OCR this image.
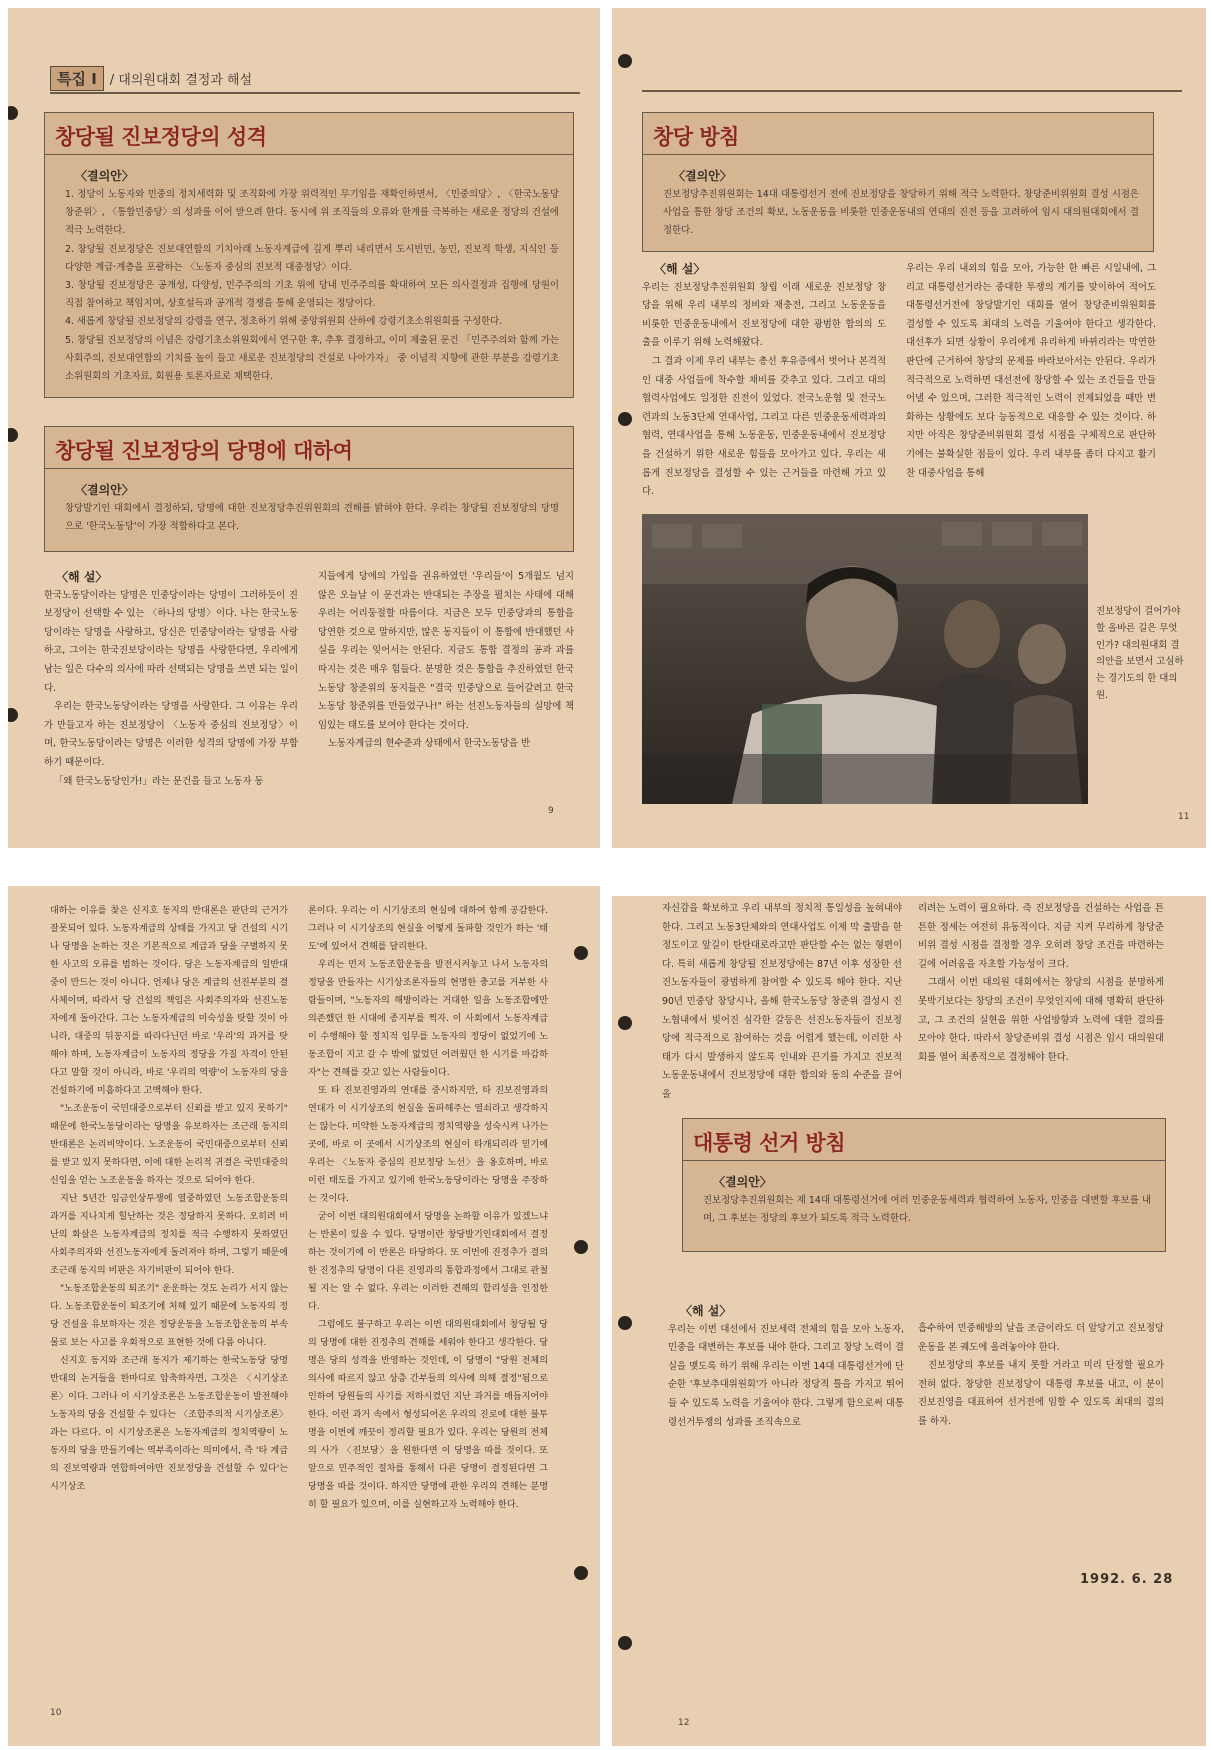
특집 Ⅰ	/ 대의원대회 결정과 해설
창당될 진보정당의 성격
〈결의안〉

1. 정당이 노동자와 민중의 정치세력화 및 조직화에 가장 위력적인 무기임을 재확인하면서, 〈민중의당〉, 〈한국노동당창준위〉, 〈통합민중당〉의 성과를 이어 받으려 한다. 동시에 위 조직들의 오류와 한계를 극복하는 새로운 정당의 건설에 적극 노력한다.

2. 창당될 진보정당은 진보대연합의 기치아래 노동자계급에 깊게 뿌리 내리면서 도시빈민, 농민, 진보적 학생, 지식인 등 다양한 계급·계층을 포괄하는 〈노동자 중심의 진보적 대중정당〉이다.

3. 창당될 진보정당은 공개성, 다양성, 민주주의의 기초 위에 당내 민주주의를 확대하여 모든 의사결정과 집행에 당원이 직접 참여하고 책임지며, 상호설득과 공개적 경쟁을 통해 운영되는 정당이다.

4. 새롭게 창당될 진보정당의 강령을 연구, 정초하기 위해 중앙위원회 산하에 강령기초소위원회를 구성한다.

5. 창당될 진보정당의 이념은 강령기초소위원회에서 연구한 후, 추후 결정하고, 이미 제출된 문건 「민주주의와 함께 가는 사회주의, 진보대연합의 기치를 높이 들고 새로운 진보정당의 건설로 나아가자」 중 이념적 지향에 관한 부분을 강령기초소위원회의 기초자료, 회원용 토론자료로 채택한다.

창당될 진보정당의 당명에 대하여
〈결의안〉

창당발기인 대회에서 결정하되, 당명에 대한 진보정당추진위원회의 견해를 밝혀야 한다. 우리는 창당될 진보정당의 당명으로 '한국노동당'이 가장 적합하다고 본다.

〈해 설〉

한국노동당이라는 당명은 민중당이라는 당명이 그러하듯이 진보정당이 선택할 수 있는 〈하나의 당명〉이다. 나는 한국노동당이라는 당명을 사랑하고, 당신은 민중당이라는 당명을 사랑하고, 그이는 한국진보당이라는 당명을 사랑한다면, 우리에게 남는 일은 다수의 의사에 따라 선택되는 당명을 쓰면 되는 일이다.

우리는 한국노동당이라는 당명을 사랑한다. 그 이유는 우리가 만들고자 하는 진보정당이 〈노동자 중심의 진보정당〉이며, 한국노동당이라는 당명은 이러한 성격의 당명에 가장 부합하기 때문이다.

「왜 한국노동당인가!」라는 문건을 들고 노동자 동

지들에게 당에의 가입을 권유하였던 '우리들'이 5개월도 넘지 않은 오늘날 이 문건과는 반대되는 주장을 펼치는 사태에 대해 우리는 어리둥절할 따름이다. 지금은 모두 민중당과의 통합을 당연한 것으로 말하지만, 많은 동지들이 이 통합에 반대했던 사실을 우리는 잊어서는 안된다. 지금도 통합 결정의 공과 과를 따지는 것은 매우 힘들다. 분명한 것은 통합을 추진하였던 한국노동당 창준위의 동지들은 "결국 민중당으로 들어갈려고 한국노동당 창준위를 만들었구나!" 하는 선진노동자들의 실망에 책임있는 태도를 보여야 한다는 것이다.

노동자계급의 현수준과 상태에서 한국노동당을 반

9
창당 방침
〈결의안〉

진보정당추진위원회는 14대 대통령선거 전에 진보정당을 창당하기 위해 적극 노력한다. 창당준비위원회 결성 시점은 사업을 통한 창당 조건의 확보, 노동운동을 비롯한 민중운동내의 연대의 진전 등을 고려하여 임시 대의원대회에서 결정한다.

〈해 설〉

우리는 진보정당추진위원회 창립 이래 새로운 진보정당 창당을 위해 우리 내부의 정비와 재충전, 그리고 노동운동을 비롯한 민중운동내에서 진보정당에 대한 광범한 합의의 도출을 이루기 위해 노력해왔다.

그 결과 이제 우리 내부는 총선 후유증에서 벗어나 본격적인 대중 사업들에 착수할 채비를 갖추고 있다. 그리고 대의협력사업에도 일정한 진전이 있었다. 전국노운협 및 전국노련과의 노동3단체 연대사업, 그리고 다른 민중운동세력과의 협력, 연대사업을 통해 노동운동, 민중운동내에서 진보정당을 건설하기 위한 새로운 힘들을 모아가고 있다. 우리는 새롭게 진보정당을 결성할 수 있는 근거들을 마련해 가고 있다.

우리는 우리 내외의 힘을 모아, 가능한 한 빠른 시일내에, 그리고 대통령선거라는 중대한 투쟁의 계기를 맞이하여 적어도 대통령선거전에 창당발기인 대회를 열어 창당준비위원회를 결성할 수 있도록 최대의 노력을 기울여야 한다고 생각한다. 대선후가 되면 상황이 우리에게 유리하게 바뀌리라는 막연한 판단에 근거하여 창당의 문제를 바라보아서는 안된다. 우리가 적극적으로 노력하면 대선전에 창당할 수 있는 조건들을 만들어낼 수 있으며, 그러한 적극적인 노력이 전제되었을 때만 변화하는 상황에도 보다 능동적으로 대응할 수 있는 것이다. 하지만 아직은 창당준비위원회 결성 시점을 구체적으로 판단하기에는 불확실한 점들이 있다. 우리 내부를 좀더 다지고 활기찬 대중사업을 통해

진보정당이 걸어가야할 올바른 길은 무엇인가? 대의원대회 결의안을 보면서 고심하는 경기도의 한 대의원.
11

대하는 이유를 찾은 신지호 동지의 반대론은 판단의 근거가 잘못되어 있다. 노동자계급의 상태를 가지고 당 건설의 시기나 당명을 논하는 것은 기본적으로 계급과 당을 구별하지 못한 사고의 오류를 범하는 것이다. 당은 노동자계급의 일반대중이 만드는 것이 아니다. 언제나 당은 계급의 선진부분의 결사체이며, 따라서 당 건설의 책임은 사회주의자와 선진노동자에게 돌아간다. 그는 노동자계급의 미숙성을 탓할 것이 아니라, 대중의 뒤꽁지를 따라다닌던 바로 '우리'의 과거를 탓해야 하며, 노동자계급이 노동자의 정당을 가질 자격이 안된다고 말할 것이 아니라, 바로 '우리의 역량'이 노동자의 당을 건설하기에 미흡하다고 고백해야 한다.

"노조운동이 국민대중으로부터 신뢰를 받고 있지 못하기" 때문에 한국노동당이라는 당명을 유보하자는 조근래 동지의 반대론은 논리비약이다. 노조운동이 국민대중으로부터 신뢰를 받고 있지 못하다면, 이에 대한 논리적 귀결은 국민대중의 신임을 얻는 노조운동을 하자는 것으로 되어야 한다.

지난 5년간 임금인상투쟁에 열중하였던 노동조합운동의 과거를 지나치게 힐난하는 것은 정당하지 못하다. 오히려 비난의 화살은 노동자계급의 정치를 적극 수행하지 못하였던 사회주의자와 선진노동자에게 돌려져야 하며, 그렇기 때문에 조근래 동지의 비판은 자기비판이 되어야 한다.

"노동조합운동의 퇴조기" 운운하는 것도 논리가 서지 않는다. 노동조합운동이 퇴조기에 처해 있기 때문에 노동자의 정당 건설을 유보하자는 것은 정당운동을 노동조합운동의 부속물로 보는 사고를 우회적으로 표현한 것에 다름 아니다.

신지호 동지와 조근래 동지가 제기하는 한국노동당 당명 반대의 논거들을 한마디로 압축하자면, 그것은 〈시기상조론〉이다. 그러나 이 시기상조론은 노동조합운동이 발전해야 노동자의 당을 건설할 수 있다는 〈조합주의적 시기상조론〉과는 다르다. 이 시기상조론은 노동자계급의 정치역량이 노동자의 당을 만들기에는 역부족이라는 의미에서, 즉 '타 계급의 진보역량과 연합하여야만 진보정당을 건설할 수 있다'는 시기상조

론이다. 우리는 이 시기상조의 현실에 대하여 함께 공감한다. 그러나 이 시기상조의 현실을 어떻게 돌파할 것인가 하는 '태도'에 있어서 견해를 달리한다.

우리는 먼저 노동조합운동을 발전시켜놓고 나서 노동자의 정당을 만들자는 시기상조론자들의 현명한 충고를 거부한 사람들이며, "노동자의 해방이라는 거대한 일을 노동조합에만 의존했던 한 시대에 종지부를 찍자. 이 사회에서 노동자계급이 수행해야 할 정치적 임무를 노동자의 정당이 없었기에 노동조합이 지고 갈 수 밖에 없었던 어려웠던 한 시기를 마감하자"는 견해를 갖고 있는 사람들이다.

또 타 진보진영과의 연대를 중시하지만, 타 진보진영과의 연대가 이 시기상조의 현실을 돌파해주는 열쇠라고 생각하지는 않는다. 미약한 노동자계급의 정치역량을 성숙시켜 나가는 곳에, 바로 이 곳에서 시기상조의 현실이 타개되리라 믿기에 우리는 〈노동자 중심의 진보정당 노선〉을 옹호하며, 바로 이런 태도를 가지고 있기에 한국노동당이라는 당명을 주장하는 것이다.

굳이 이번 대의원대회에서 당명을 논하할 이유가 있겠느냐는 반론이 있을 수 있다. 당명이란 창당발기인대회에서 결정하는 것이기에 이 반론은 타당하다. 또 이번에 진정추가 결의한 진정추의 당명이 다른 진영과의 통합과정에서 그대로 관철될 지는 알 수 없다. 우리는 이러한 견해의 합리성을 인정한다.

그럼에도 불구하고 우리는 이번 대의원대회에서 창당될 당의 당명에 대한 진정추의 견해를 세워야 한다고 생각한다. 당명은 당의 성격을 반영하는 것인데, 이 당명이 "당원 전체의 의사에 따르지 않고 상층 간부들의 의사에 의해 결정"됨으로 인하여 당원들의 사기를 저하시켰던 지난 과거를 매듭지어야 한다. 이런 과거 속에서 형성되어온 우리의 진로에 대한 불투명을 이번에 깨끗이 정리할 필요가 있다. 우리는 당원의 전체의 사가 〈진보당〉을 원한다면 이 당명을 따를 것이다. 또 앞으로 민주적인 절차를 통해서 다른 당명이 결정된다면 그 당명을 따를 것이다. 하지만 당명에 관한 우리의 견해는 분명히 할 필요가 있으며, 이를 실현하고자 노력해야 한다.

10

자신감을 확보하고 우리 내부의 정치적 통일성을 높혀내야 한다. 그리고 노동3단체와의 연대사업도 이제 막 출발을 한 정도이고 앞길이 탄탄대로라고만 판단할 수는 없는 형편이다. 특히 새롭게 창당될 진보정당에는 87년 이후 성장한 선진노동자들이 광범하게 참여할 수 있도록 해야 한다. 지난 90년 민중당 창당시나, 올해 한국노동당 창준위 결성시 진노협내에서 빚어진 심각한 갈등은 선진노동자들이 진보정당에 적극적으로 참여하는 것을 어렵게 했는데, 이러한 사태가 다시 발생하지 않도록 인내와 끈기를 가지고 진보적 노동운동내에서 진보정당에 대한 합의와 동의 수준을 끌어올

리려는 노력이 필요하다. 즉 진보정당을 건설하는 사업을 튼튼한 정세는 여전히 유동적이다. 지금 지켜 무리하게 창당준비위 결성 시점을 결정할 경우 오히려 창당 조건을 마련하는 길에 어려움을 자초할 가능성이 크다.

그래서 이번 대의원 대회에서는 창당의 시점을 분명하게 못박기보다는 창당의 조건이 무엇인지에 대해 명확히 판단하고, 그 조건의 실현을 위한 사업방향과 노력에 대한 결의를 모아야 한다. 따라서 창당준비위 결성 시점은 임시 대의원대회를 열어 최종적으로 결정해야 한다.

대통령 선거 방침
〈결의안〉

진보정당추진위원회는 제 14대 대통령선거에 여러 민중운동세력과 협력하여 노동자, 민중을 대변할 후보를 내며, 그 후보는 정당의 후보가 되도록 적극 노력한다.

〈해 설〉

우리는 이번 대선에서 진보세력 전체의 힘을 모아 노동자, 민중을 대변하는 후보를 내야 한다. 그리고 창당 노력이 결실을 맺도록 하기 위해 우리는 이번 14대 대통령선거에 단순한 '후보추대위원회'가 아니라 정당적 틀을 가지고 뛰어들 수 있도록 노력을 기울여야 한다. 그렇게 함으로써 대통령선거투쟁의 성과를 조직속으로

흡수하여 민중해방의 날을 조금이라도 더 앞당기고 진보정당운동을 본 궤도에 올려놓아야 한다.

진보정당의 후보를 내지 못할 거라고 미리 단정할 필요가 전혀 없다. 창당한 진보정당이 대통령 후보를 내고, 이 분이 진보진영을 대표하여 선거전에 임할 수 있도록 최대의 결의를 하자.

1992. 6. 28
12
